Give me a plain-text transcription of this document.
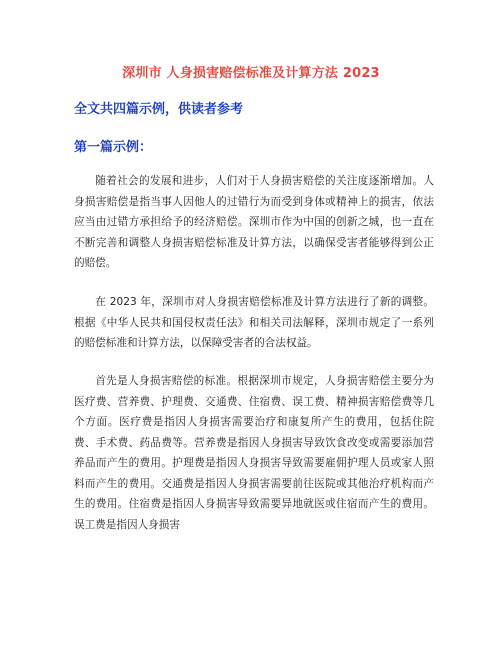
深圳市 人身损害赔偿标准及计算方法 2023
全文共四篇示例，供读者参考
第一篇示例：

随着社会的发展和进步，人们对于人身损害赔偿的关注度逐渐增加。人身损害赔偿是指当事人因他人的过错行为而受到身体或精神上的损害，依法应当由过错方承担给予的经济赔偿。深圳市作为中国的创新之城，也一直在不断完善和调整人身损害赔偿标准及计算方法，以确保受害者能够得到公正的赔偿。

在 2023 年，深圳市对人身损害赔偿标准及计算方法进行了新的调整。根据《中华人民共和国侵权责任法》和相关司法解释，深圳市规定了一系列的赔偿标准和计算方法，以保障受害者的合法权益。

首先是人身损害赔偿的标准。根据深圳市规定，人身损害赔偿主要分为医疗费、营养费、护理费、交通费、住宿费、误工费、精神损害赔偿费等几个方面。医疗费是指因人身损害需要治疗和康复所产生的费用，包括住院费、手术费、药品费等。营养费是指因人身损害导致饮食改变或需要添加营养品而产生的费用。护理费是指因人身损害导致需要雇佣护理人员或家人照料而产生的费用。交通费是指因人身损害需要前往医院或其他治疗机构而产生的费用。住宿费是指因人身损害导致需要异地就医或住宿而产生的费用。误工费是指因人身损害
